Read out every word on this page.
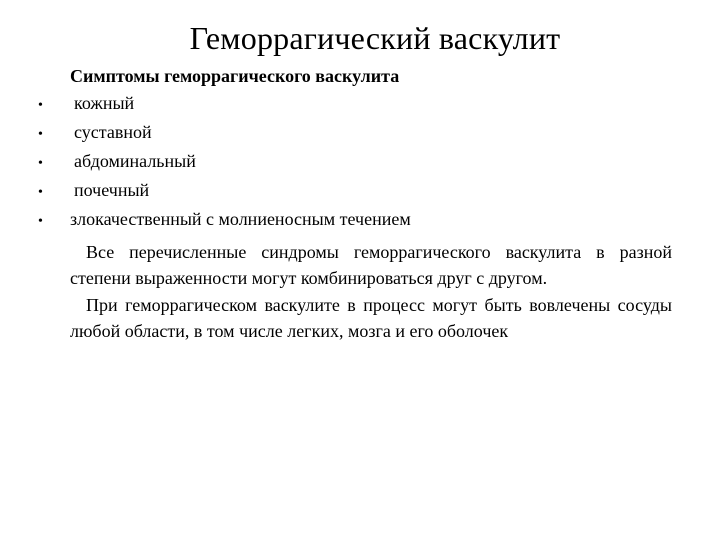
Геморрагический васкулит
Симптомы геморрагического васкулита
•	кожный
•	суставной
•	абдоминальный
•	почечный
•	злокачественный с молниеносным течением
Все перечисленные синдромы геморрагического васкулита в разной степени выраженности могут комбинироваться друг с другом.
При геморрагическом васкулите в процесс могут быть вовлечены сосуды любой области, в том числе легких, мозга и его оболочек
